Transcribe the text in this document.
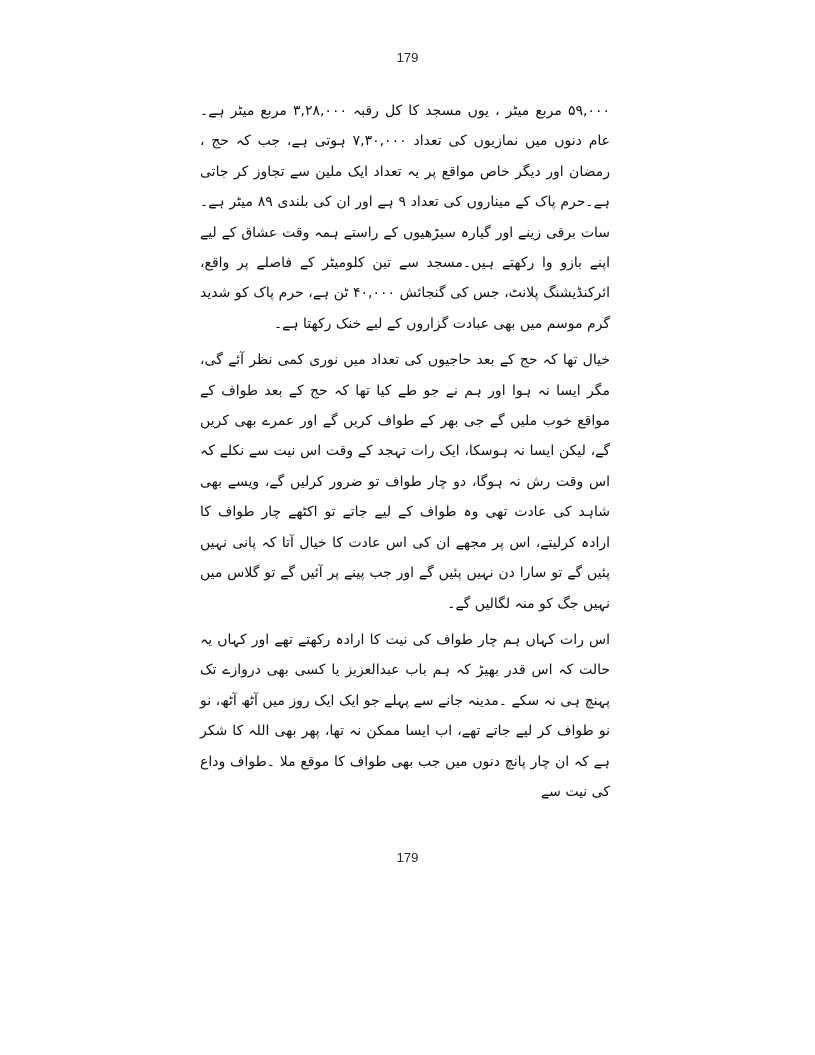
179

۵۹,۰۰۰ مربع میٹر ، یوں مسجد کا کل رقبہ ۳,۲۸,۰۰۰ مربع میٹر ہے۔عام دنوں میں نمازیوں کی تعداد ۷,۳۰,۰۰۰ ہوتی ہے، جب کہ حج ، رمضان اور دیگر خاص مواقع پر یہ تعداد ایک ملین سے تجاوز کر جاتی ہے۔حرم پاک کے میناروں کی تعداد ۹ ہے اور ان کی بلندی ۸۹ میٹر ہے۔سات برقی زینے اور گیارہ سیڑھیوں کے راستے ہمہ وقت عشاق کے لیے اپنے بازو وا رکھتے ہیں۔مسجد سے تین کلومیٹر کے فاصلے پر واقع، ائرکنڈیشنگ پلانٹ، جس کی گنجائش ۴۰,۰۰۰ ٹن ہے، حرم پاک کو شدید گرم موسم میں بھی عبادت گزاروں کے لیے خنک رکھتا ہے۔

خیال تھا کہ حج کے بعد حاجیوں کی تعداد میں نوری کمی نظر آئے گی، مگر ایسا نہ ہوا اور ہم نے جو طے کیا تھا کہ حج کے بعد طواف کے مواقع خوب ملیں گے جی بھر کے طواف کریں گے اور عمرے بھی کریں گے، لیکن ایسا نہ ہوسکا، ایک رات تہجد کے وقت اس نیت سے نکلے کہ اس وقت رش نہ ہوگا، دو چار طواف تو ضرور کرلیں گے، ویسے بھی شاہد کی عادت تھی وہ طواف کے لیے جاتے تو اکٹھے چار طواف کا ارادہ کرلیتے، اس پر مجھے ان کی اس عادت کا خیال آتا کہ پانی نہیں پئیں گے تو سارا دن نہیں پئیں گے اور جب پینے پر آئیں گے تو گلاس میں نہیں جگ کو منہ لگالیں گے۔

اس رات کہاں ہم چار طواف کی نیت کا ارادہ رکھتے تھے اور کہاں یہ حالت کہ اس قدر بھیڑ کہ ہم باب عبدالعزیز یا کسی بھی دروازے تک پہنچ ہی نہ سکے ۔مدینہ جانے سے پہلے جو ایک ایک روز میں آٹھ آٹھ، نو نو طواف کر لیے جاتے تھے، اب ایسا ممکن نہ تھا، پھر بھی اللہ کا شکر ہے کہ ان چار پانچ دنوں میں جب بھی طواف کا موقع ملا ۔طواف وداع کی نیت سے

179
